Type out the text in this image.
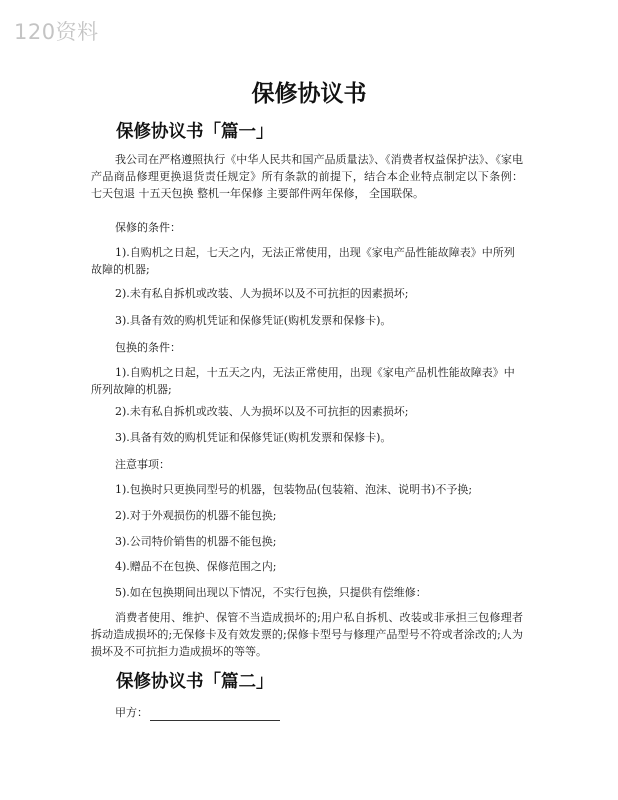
120资料
保修协议书
保修协议书「篇一」

我公司在严格遵照执行《中华人民共和国产品质量法》、《消费者权益保护法》、《家电产品商品修理更换退货责任规定》所有条款的前提下，结合本企业特点制定以下条例： 七天包退 十五天包换 整机一年保修 主要部件两年保修， 全国联保。

保修的条件：

1).自购机之日起，七天之内，无法正常使用，出现《家电产品性能故障表》中所列故障的机器;

2).未有私自拆机或改装、人为损坏以及不可抗拒的因素损坏;

3).具备有效的购机凭证和保修凭证(购机发票和保修卡)。

包换的条件：

1).自购机之日起，十五天之内，无法正常使用，出现《家电产品机性能故障表》中所列故障的机器;

2).未有私自拆机或改装、人为损坏以及不可抗拒的因素损坏;

3).具备有效的购机凭证和保修凭证(购机发票和保修卡)。

注意事项：

1).包换时只更换同型号的机器，包装物品(包装箱、泡沫、说明书)不予换;

2).对于外观损伤的机器不能包换;

3).公司特价销售的机器不能包换;

4).赠品不在包换、保修范围之内;

5).如在包换期间出现以下情况，不实行包换，只提供有偿维修：

消费者使用、维护、保管不当造成损坏的;用户私自拆机、改装或非承担三包修理者拆动造成损坏的;无保修卡及有效发票的;保修卡型号与修理产品型号不符或者涂改的;人为损坏及不可抗拒力造成损坏的等等。

保修协议书「篇二」
甲方：
